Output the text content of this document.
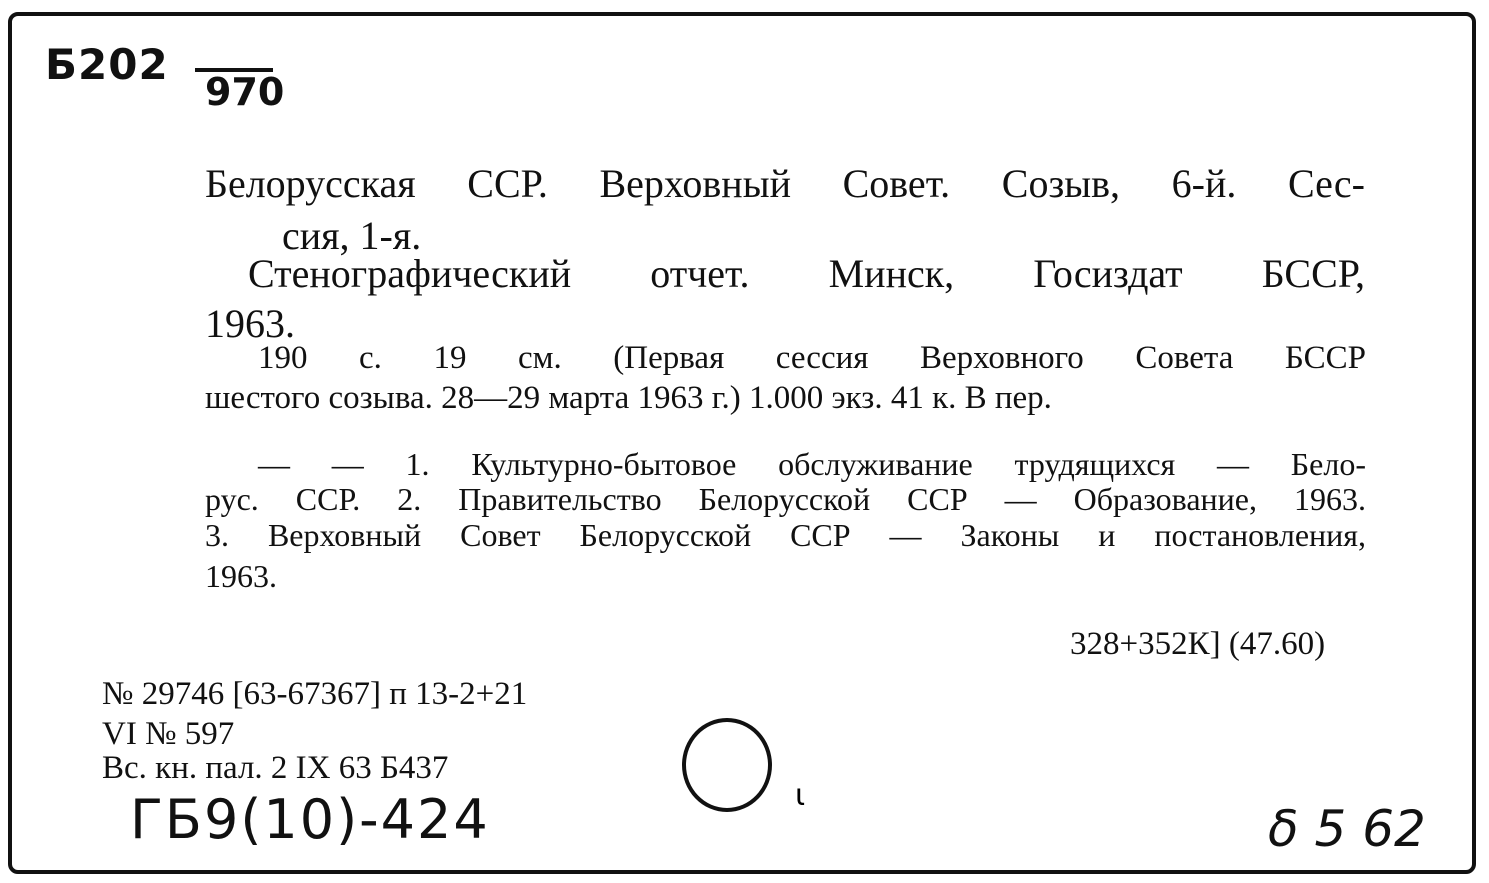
Б202
970
Белорусская ССР. Верховный Совет. Созыв, 6-й. Сес-
сия, 1-я.
Стенографический отчет. Минск, Госиздат БССР,
1963.
190 с. 19 см. (Первая сессия Верховного Совета БССР
шестого созыва. 28—29 марта 1963 г.) 1.000 экз. 41 к. В пер.
— — 1. Культурно-бытовое обслуживание трудящихся — Бело-
рус. ССР. 2. Правительство Белорусской ССР — Образование, 1963.
3. Верховный Совет Белорусской ССР — Законы и постановления,
1963.
328+352К] (47.60)
№ 29746 [63-67367] п 13-2+21
VI № 597
Вс. кн. пал. 2 IX 63 Б437
ι
ГБ9(10)-424	δ 5 62
